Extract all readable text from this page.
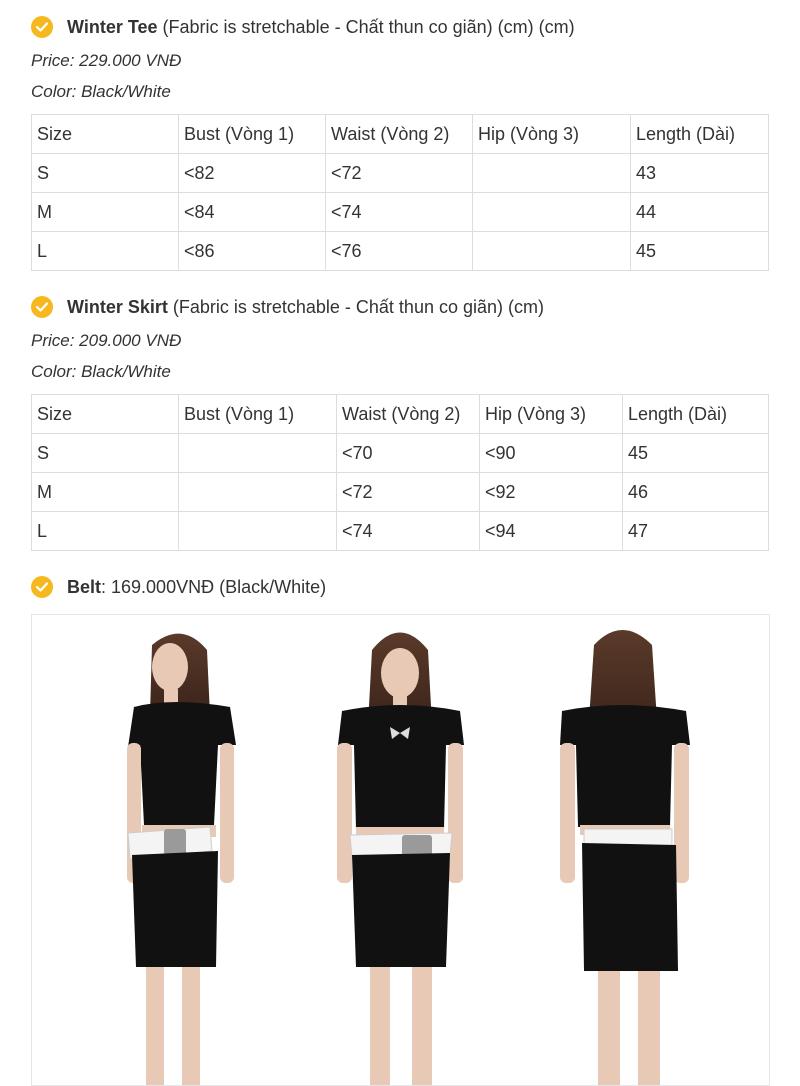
Winter Tee (Fabric is stretchable - Chất thun co giãn) (cm) (cm)
Price: 229.000 VNĐ
Color: Black/White
Size	Bust (Vòng 1)	Waist (Vòng 2)	Hip (Vòng 3)	Length (Dài)
S	<82	<72		43
M	<84	<74		44
L	<86	<76		45
Winter Skirt (Fabric is stretchable - Chất thun co giãn) (cm)
Price: 209.000 VNĐ
Color: Black/White
Size	Bust (Vòng 1)	Waist (Vòng 2)	Hip (Vòng 3)	Length (Dài)
S		<70	<90	45
M		<72	<92	46
L		<74	<94	47
Belt : 169.000VNĐ (Black/White)
